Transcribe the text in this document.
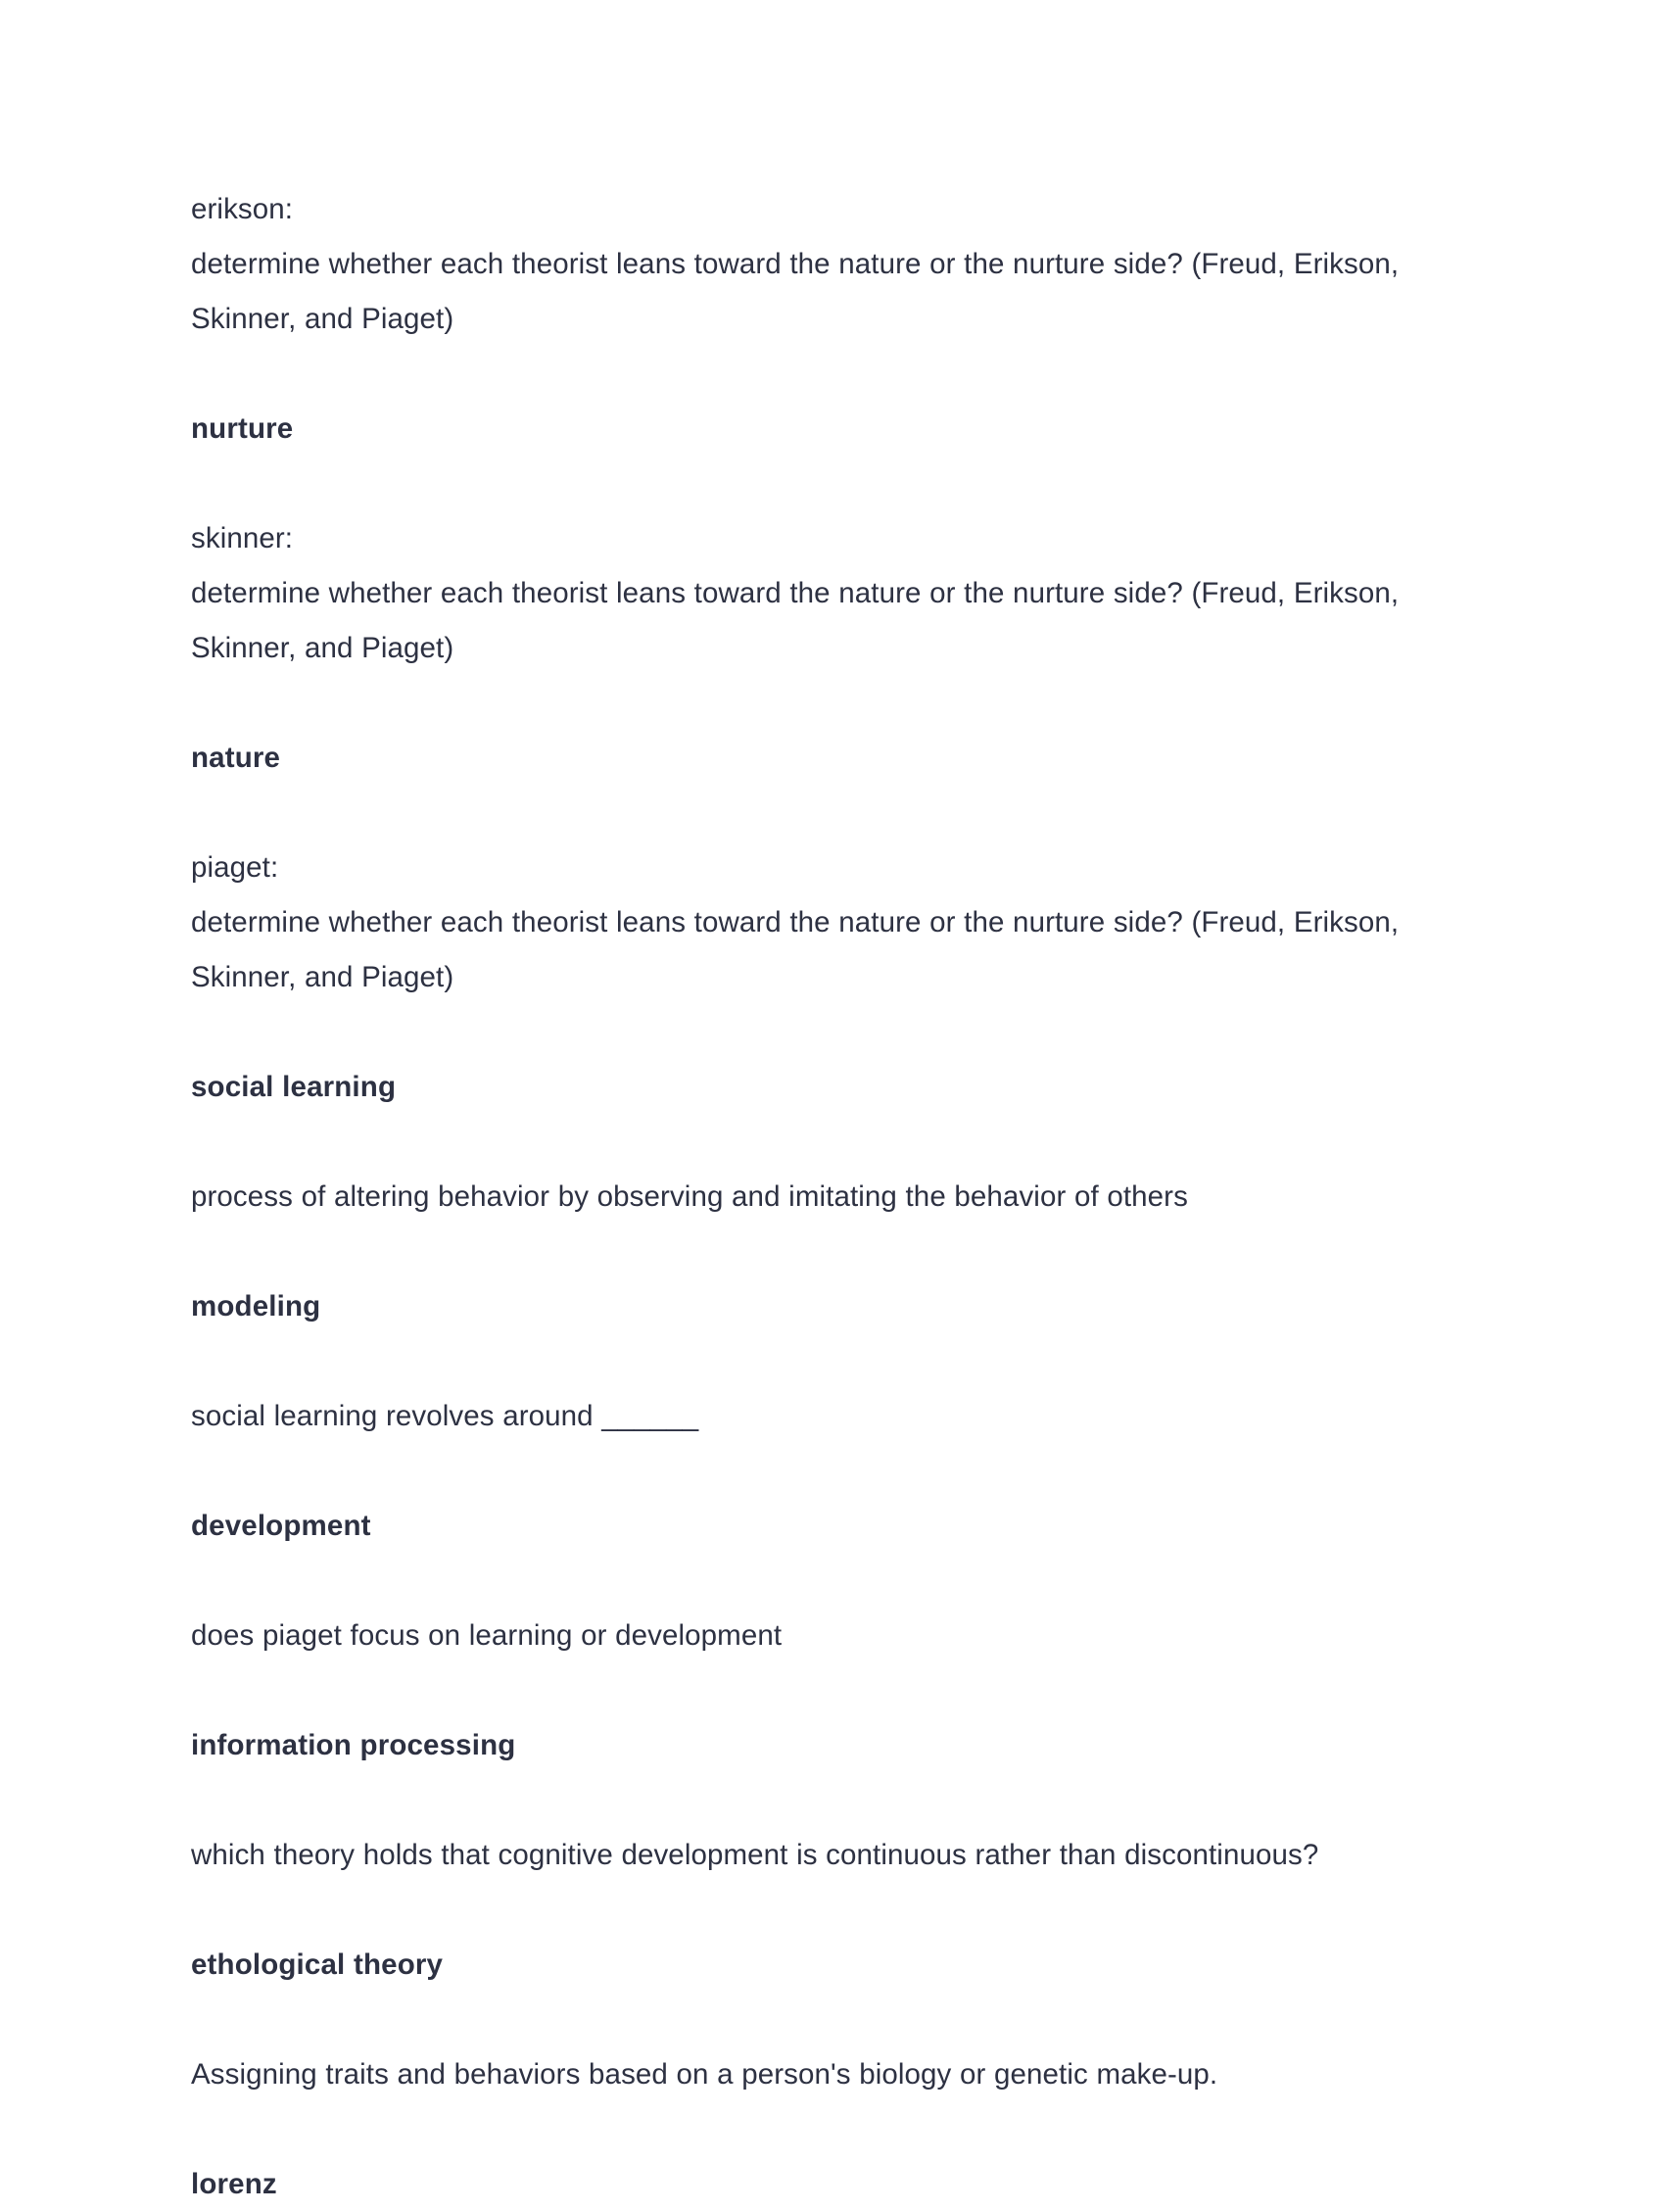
erikson:
determine whether each theorist leans toward the nature or the nurture side? (Freud, Erikson, Skinner, and Piaget)

nurture

skinner:
determine whether each theorist leans toward the nature or the nurture side? (Freud, Erikson, Skinner, and Piaget)

nature

piaget:
determine whether each theorist leans toward the nature or the nurture side? (Freud, Erikson, Skinner, and Piaget)

social learning

process of altering behavior by observing and imitating the behavior of others

modeling

social learning revolves around ______

development

does piaget focus on learning or development

information processing

which theory holds that cognitive development is continuous rather than discontinuous?

ethological theory

Assigning traits and behaviors based on a person's biology or genetic make-up.

lorenz
